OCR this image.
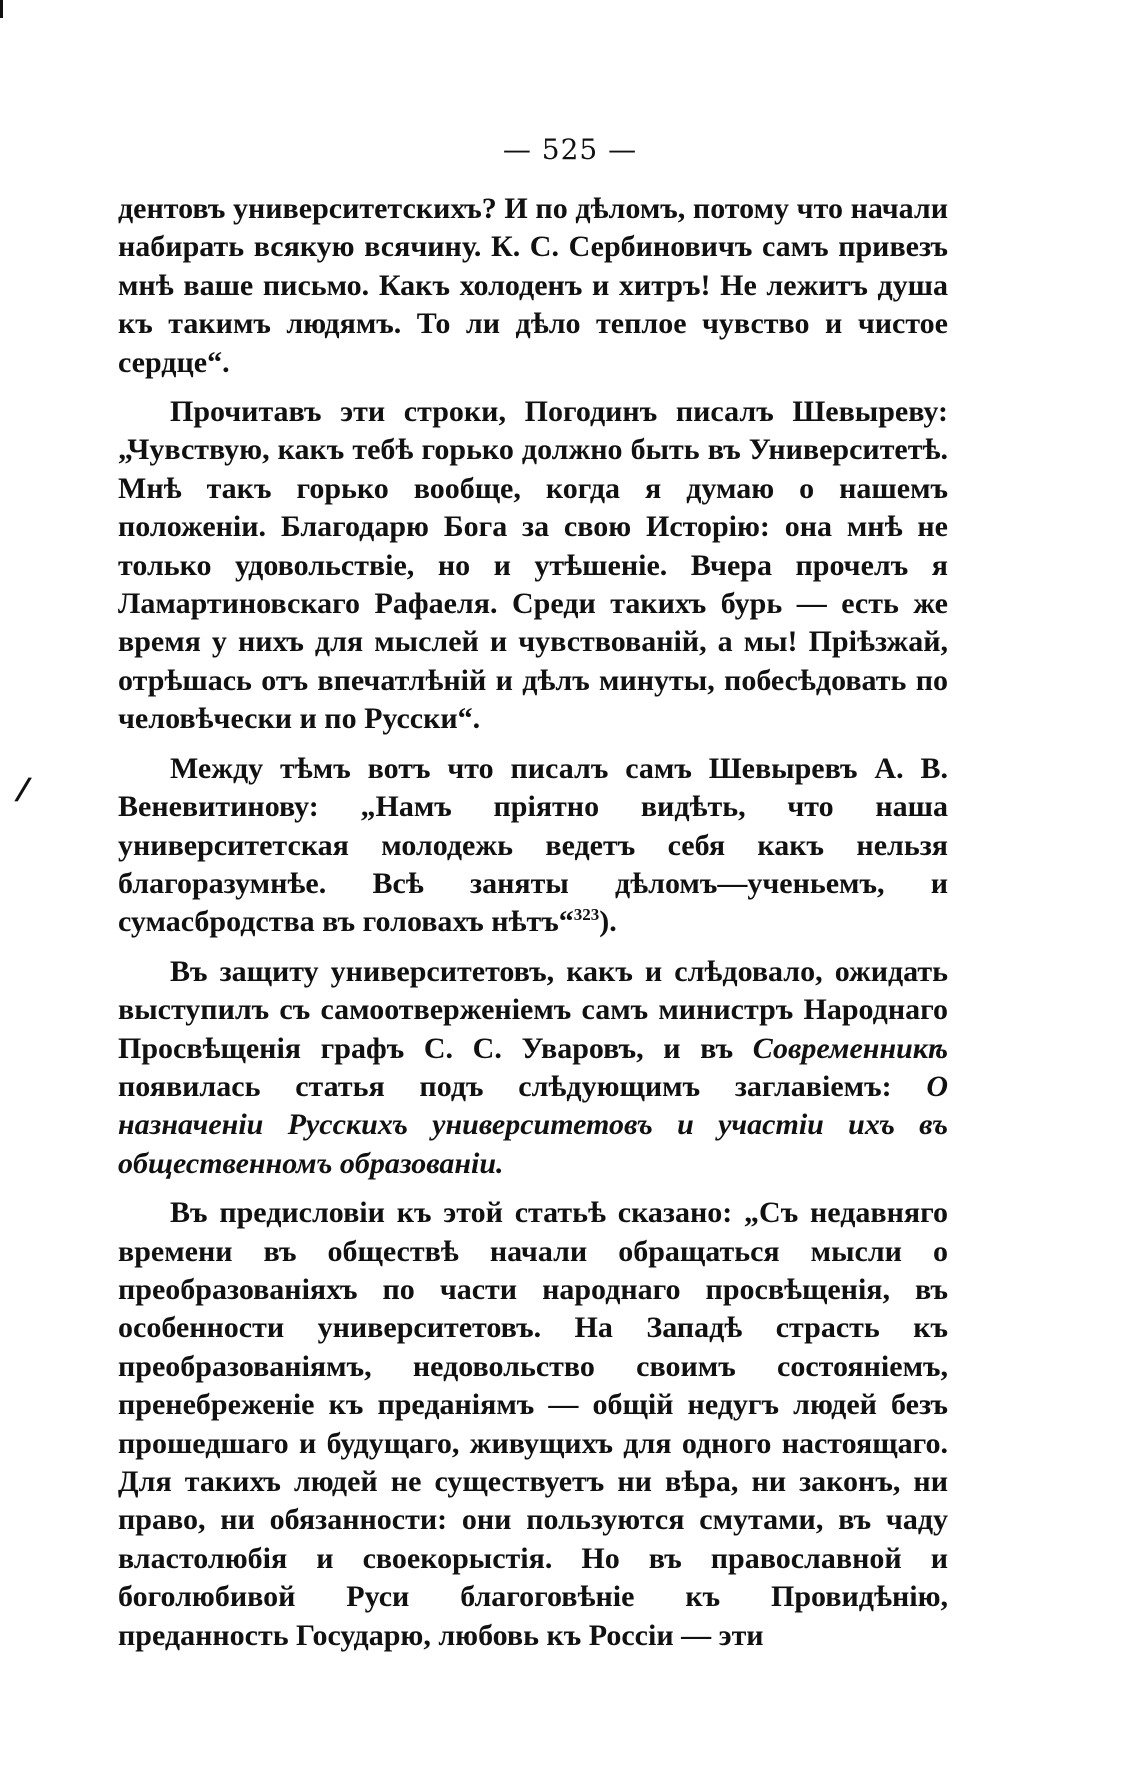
/
— 525 —

дентовъ университетскихъ? И по дѣломъ, потому что начали набирать всякую всячину. К. С. Сербиновичъ самъ привезъ мнѣ ваше письмо. Какъ холоденъ и хитръ! Не лежитъ душа къ такимъ людямъ. То ли дѣло теплое чувство и чистое сердце“.

Прочитавъ эти строки, Погодинъ писалъ Шевыреву: „Чувствую, какъ тебѣ горько должно быть въ Университетѣ. Мнѣ такъ горько вообще, когда я думаю о нашемъ положеніи. Благодарю Бога за свою Исторію: она мнѣ не только удовольствіе, но и утѣшеніе. Вчера прочелъ я Ламартиновскаго Рафаеля. Среди такихъ бурь — есть же время у нихъ для мыслей и чувствованій, а мы! Пріѣзжай, отрѣшась отъ впечатлѣній и дѣлъ минуты, побесѣдовать по человѣчески и по Русски“.

Между тѣмъ вотъ что писалъ самъ Шевыревъ А. В. Веневитинову: „Намъ пріятно видѣть, что наша университетская молодежь ведетъ себя какъ нельзя благоразумнѣе. Всѣ заняты дѣломъ—ученьемъ, и сумасбродства въ головахъ нѣтъ“$^{323}$).

Въ защиту университетовъ, какъ и слѣдовало, ожидать выступилъ съ самоотверженіемъ самъ министръ Народнаго Просвѣщенія графъ С. С. Уваровъ, и въ Современникѣ появилась статья подъ слѣдующимъ заглавіемъ: О назначеніи Русскихъ университетовъ и участіи ихъ въ общественномъ образованіи.

Въ предисловіи къ этой статьѣ сказано: „Съ недавняго времени въ обществѣ начали обращаться мысли о преобразованіяхъ по части народнаго просвѣщенія, въ особенности университетовъ. На Западѣ страсть къ преобразованіямъ, недовольство своимъ состояніемъ, пренебреженіе къ преданіямъ — общій недугъ людей безъ прошедшаго и будущаго, живущихъ для одного настоящаго. Для такихъ людей не существуетъ ни вѣра, ни законъ, ни право, ни обязанности: они пользуются смутами, въ чаду властолюбія и своекорыстія. Но въ православной и боголюбивой Руси благоговѣніе къ Провидѣнію, преданность Государю, любовь къ Россіи — эти
